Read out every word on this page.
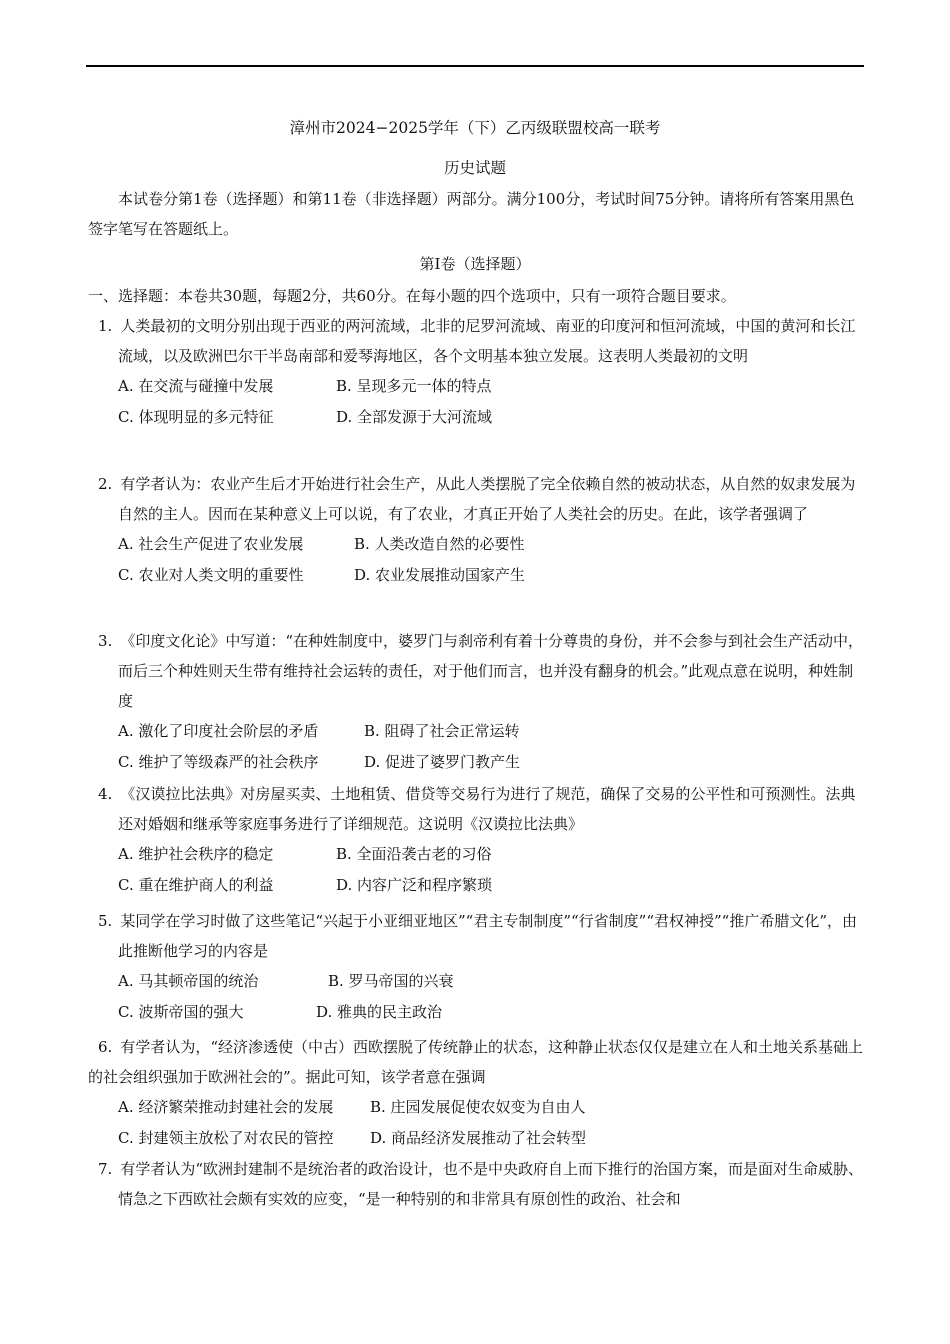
漳州市2024−2025学年（下）乙丙级联盟校高一联考
历史试题
本试卷分第1卷（选择题）和第11卷（非选择题）两部分。满分100分，考试时间75分钟。请将所有答案用黑色签字笔写在答题纸上。
第Ⅰ卷（选择题）
一、选择题：本卷共30题，每题2分，共60分。在每小题的四个选项中，只有一项符合题目要求。
1. 人类最初的文明分别出现于西亚的两河流域，北非的尼罗河流域、南亚的印度河和恒河流域，中国的黄河和长江流域，以及欧洲巴尔干半岛南部和爱琴海地区，各个文明基本独立发展。这表明人类最初的文明
A. 在交流与碰撞中发展	B. 呈现多元一体的特点
C. 体现明显的多元特征	D. 全部发源于大河流域
2. 有学者认为：农业产生后才开始进行社会生产，从此人类摆脱了完全依赖自然的被动状态，从自然的奴隶发展为自然的主人。因而在某种意义上可以说，有了农业，才真正开始了人类社会的历史。在此，该学者强调了
A. 社会生产促进了农业发展	B. 人类改造自然的必要性
C. 农业对人类文明的重要性	D. 农业发展推动国家产生
3. 《印度文化论》中写道：“在种姓制度中，婆罗门与刹帝利有着十分尊贵的身份，并不会参与到社会生产活动中，而后三个种姓则天生带有维持社会运转的责任，对于他们而言，也并没有翻身的机会。”此观点意在说明，种姓制度
A. 激化了印度社会阶层的矛盾	B. 阻碍了社会正常运转
C. 维护了等级森严的社会秩序	D. 促进了婆罗门教产生
4. 《汉谟拉比法典》对房屋买卖、土地租赁、借贷等交易行为进行了规范，确保了交易的公平性和可预测性。法典还对婚姻和继承等家庭事务进行了详细规范。这说明《汉谟拉比法典》
A. 维护社会秩序的稳定	B. 全面沿袭古老的习俗
C. 重在维护商人的利益	D. 内容广泛和程序繁琐
5. 某同学在学习时做了这些笔记“兴起于小亚细亚地区”“君主专制制度”“行省制度”“君权神授”“推广希腊文化”，由此推断他学习的内容是
A. 马其顿帝国的统治	B. 罗马帝国的兴衰
C. 波斯帝国的强大	D. 雅典的民主政治
6. 有学者认为，“经济渗透使（中古）西欧摆脱了传统静止的状态，这种静止状态仅仅是建立在人和土地关系基础上的社会组织强加于欧洲社会的”。据此可知，该学者意在强调
A. 经济繁荣推动封建社会的发展	B. 庄园发展促使农奴变为自由人
C. 封建领主放松了对农民的管控	D. 商品经济发展推动了社会转型
7. 有学者认为“欧洲封建制不是统治者的政治设计，也不是中央政府自上而下推行的治国方案，而是面对生命威胁、情急之下西欧社会颇有实效的应变，“是一种特别的和非常具有原创性的政治、社会和
